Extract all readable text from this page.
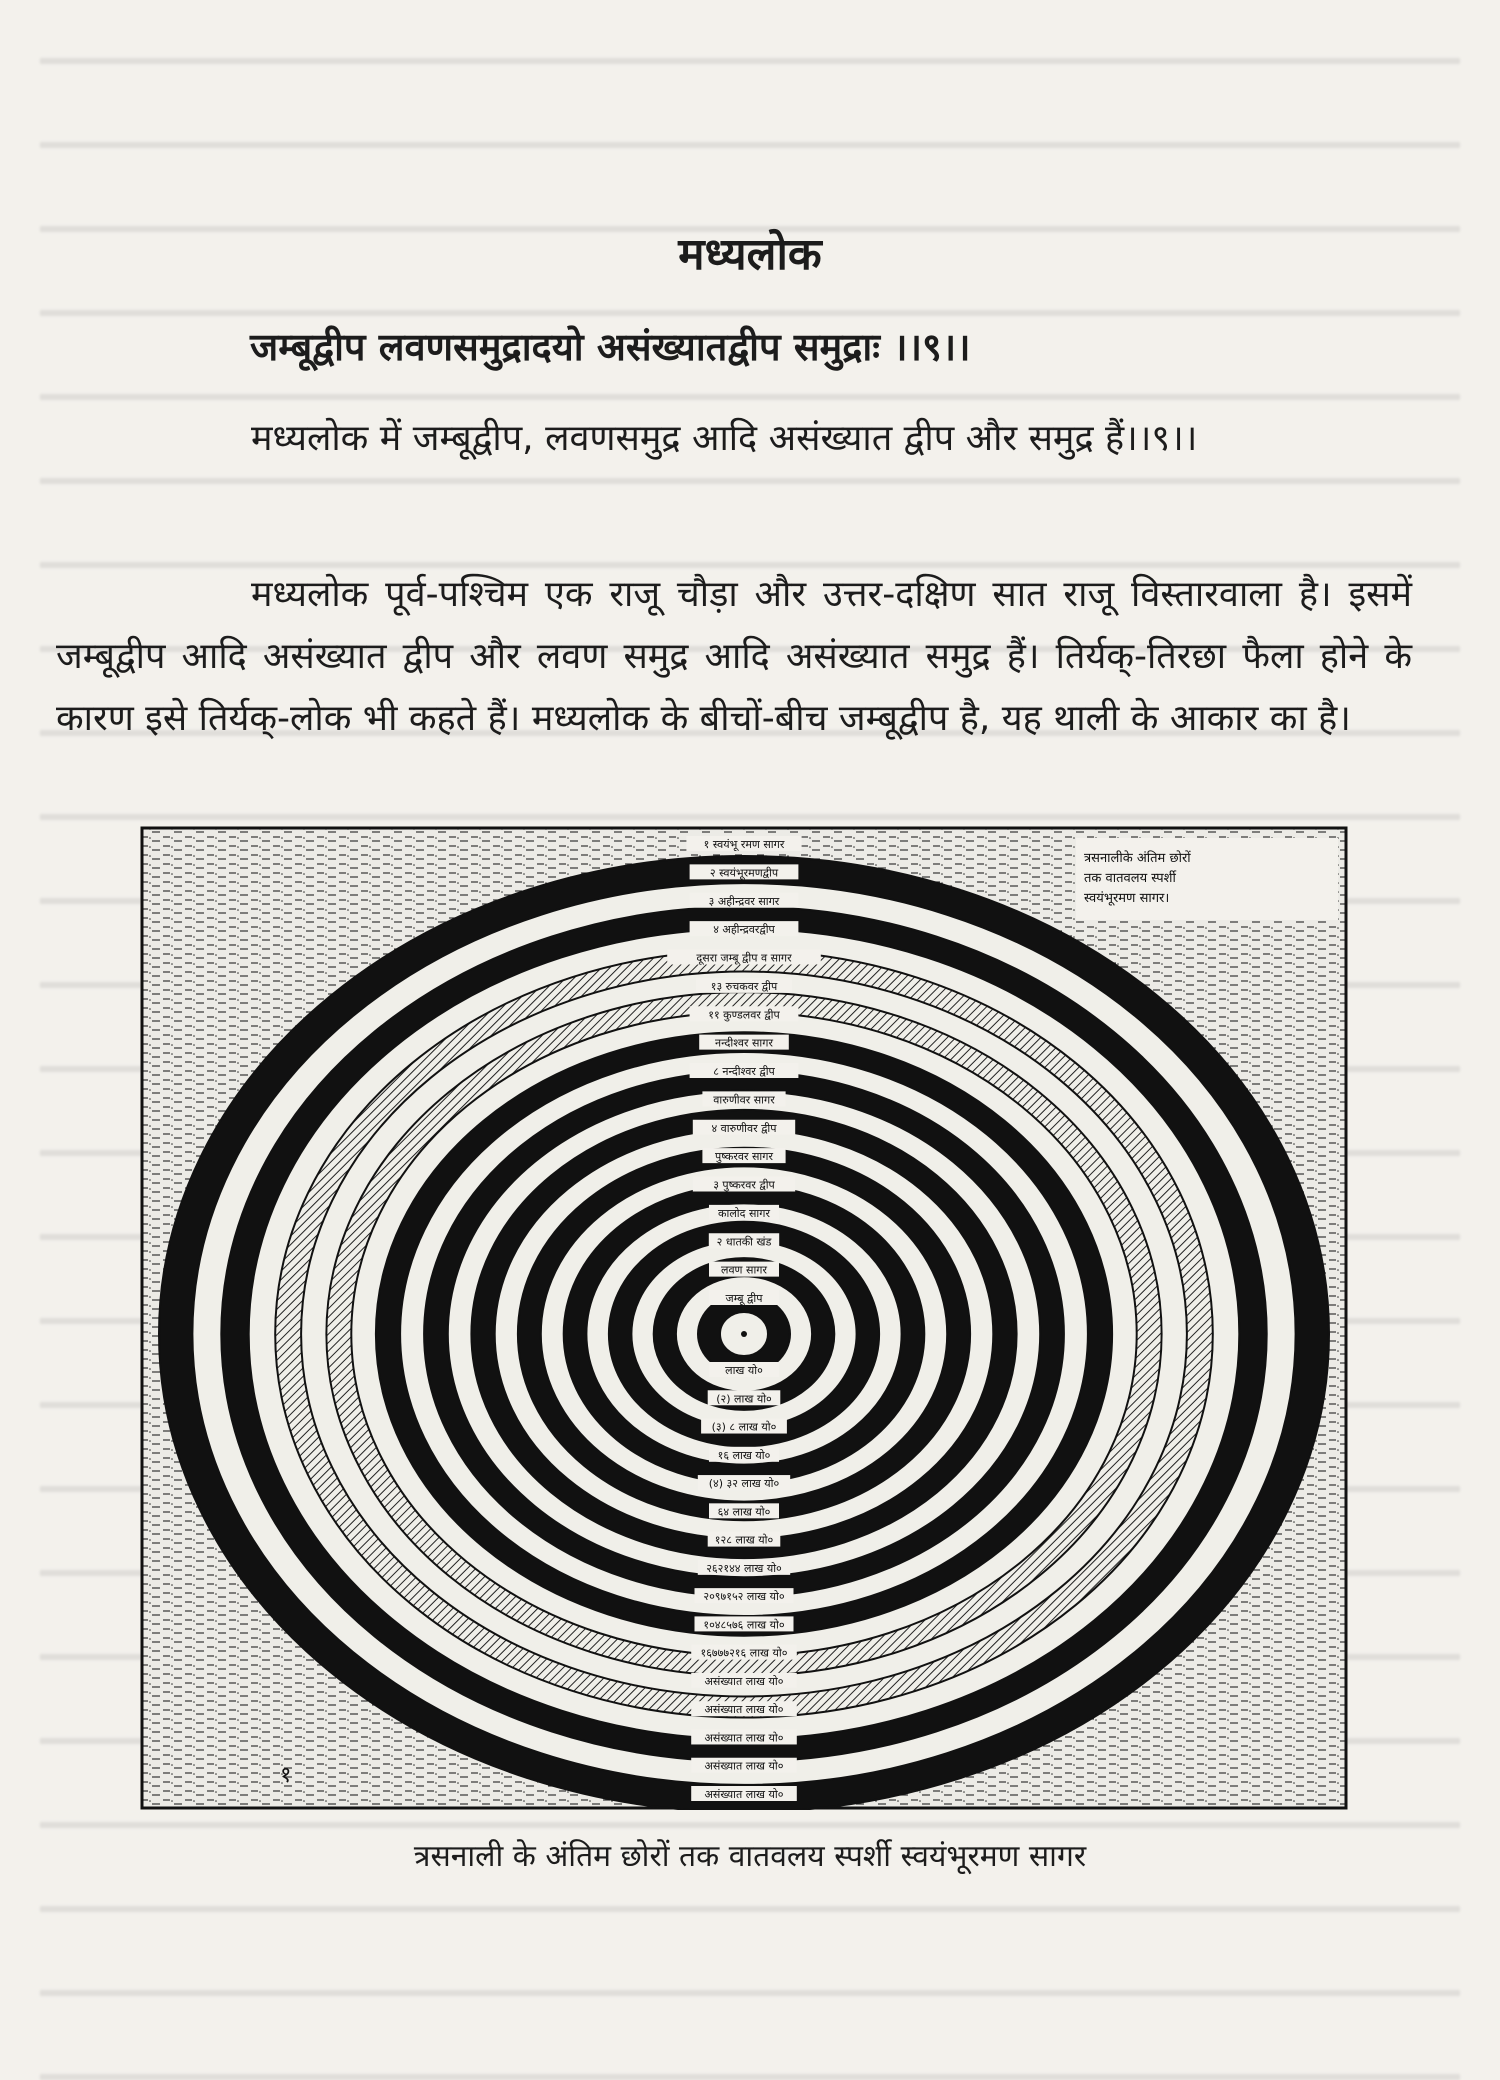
मध्यलोक
जम्बूद्वीप लवणसमुद्रादयो असंख्यातद्वीप समुद्राः ।।९।।
मध्यलोक में जम्बूद्वीप, लवणसमुद्र आदि असंख्यात द्वीप और समुद्र हैं।।९।।
मध्यलोक पूर्व-पश्चिम एक राजू चौड़ा और उत्तर-दक्षिण सात राजू विस्तारवाला है। इसमें जम्बूद्वीप आदि असंख्यात द्वीप और लवण समुद्र आदि असंख्यात समुद्र हैं। तिर्यक्-तिरछा फैला होने के कारण इसे तिर्यक्-लोक भी कहते हैं। मध्यलोक के बीचों-बीच जम्बूद्वीप है, यह थाली के आकार का है।
१ स्वयंभू रमण सागर
२ स्वयंभूरमणद्वीप
३ अहीन्द्रवर सागर
४ अहीन्द्रवरद्वीप
दूसरा जम्बू द्वीप व सागर
१३ रुचकवर द्वीप
११ कुण्डलवर द्वीप
नन्दीश्वर सागर
८ नन्दीश्वर द्वीप
वारुणीवर सागर
४ वारुणीवर द्वीप
पुष्करवर सागर
३ पुष्करवर द्वीप
कालोद सागर
२ धातकी खंड
लवण सागर
जम्बू द्वीप
लाख यो०
(२) लाख यो०
(३) ८ लाख यो०
१६ लाख यो०
(४) ३२ लाख यो०
६४ लाख यो०
१२८ लाख यो०
२६२१४४ लाख यो०
२०९७१५२ लाख यो०
१०४८५७६ लाख यो०
१६७७७२१६ लाख यो०
असंख्यात लाख यो०
असंख्यात लाख यो०
असंख्यात लाख यो०
असंख्यात लाख यो०
असंख्यात लाख यो०
त्रसनालीके अंतिम छोरों तक वातवलय स्पर्शी स्वयंभूरमण सागर।
१
त्रसनाली के अंतिम छोरों तक वातवलय स्पर्शी स्वयंभूरमण सागर
